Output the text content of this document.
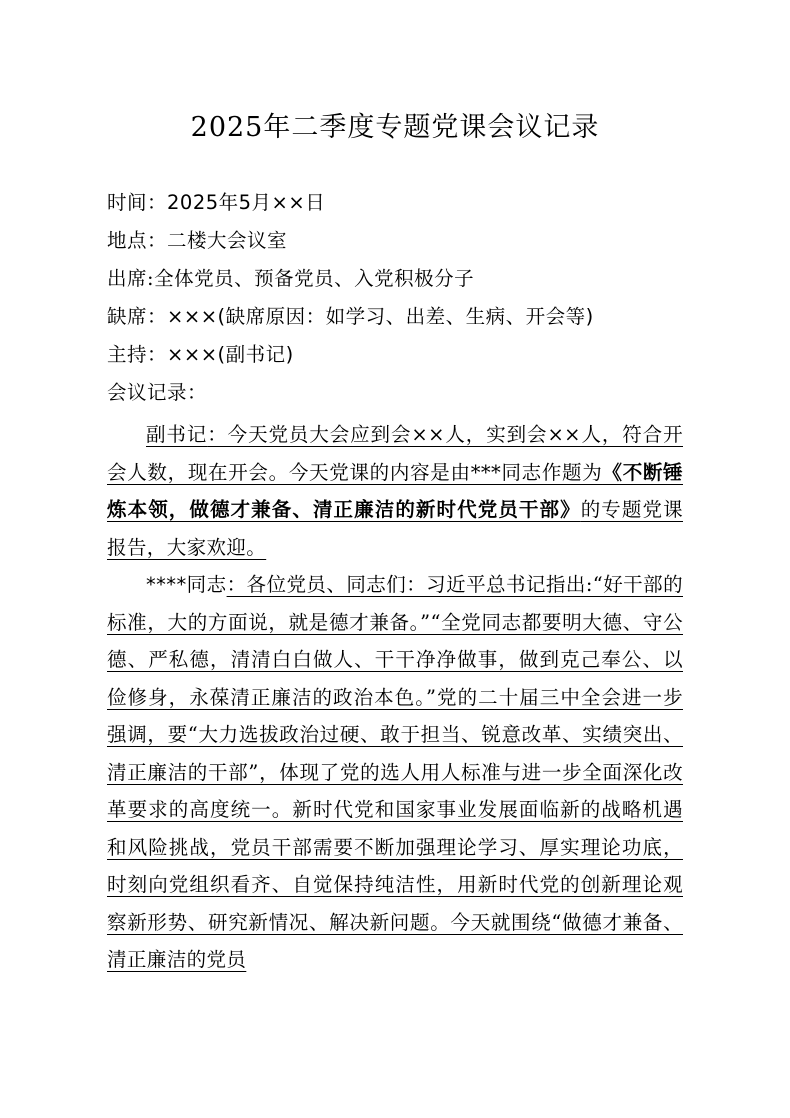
2025年二季度专题党课会议记录
时间：2025年5月××日
地点：二楼大会议室
出席:全体党员、预备党员、入党积极分子
缺席：×××(缺席原因：如学习、出差、生病、开会等)
主持：×××(副书记)
会议记录：

副书记：今天党员大会应到会××人，实到会××人，符合开会人数，现在开会。今天党课的内容是由***同志作题为《不断锤炼本领，做德才兼备、清正廉洁的新时代党员干部》的专题党课报告，大家欢迎。

****同志：各位党员、同志们：习近平总书记指出:“好干部的标准，大的方面说，就是德才兼备。”“全党同志都要明大德、守公德、严私德，清清白白做人、干干净净做事，做到克己奉公、以俭修身，永葆清正廉洁的政治本色。”党的二十届三中全会进一步强调，要“大力选拔政治过硬、敢于担当、锐意改革、实绩突出、清正廉洁的干部”，体现了党的选人用人标准与进一步全面深化改革要求的高度统一。新时代党和国家事业发展面临新的战略机遇和风险挑战，党员干部需要不断加强理论学习、厚实理论功底，时刻向党组织看齐、自觉保持纯洁性，用新时代党的创新理论观察新形势、研究新情况、解决新问题。今天就围绕“做德才兼备、清正廉洁的党员
